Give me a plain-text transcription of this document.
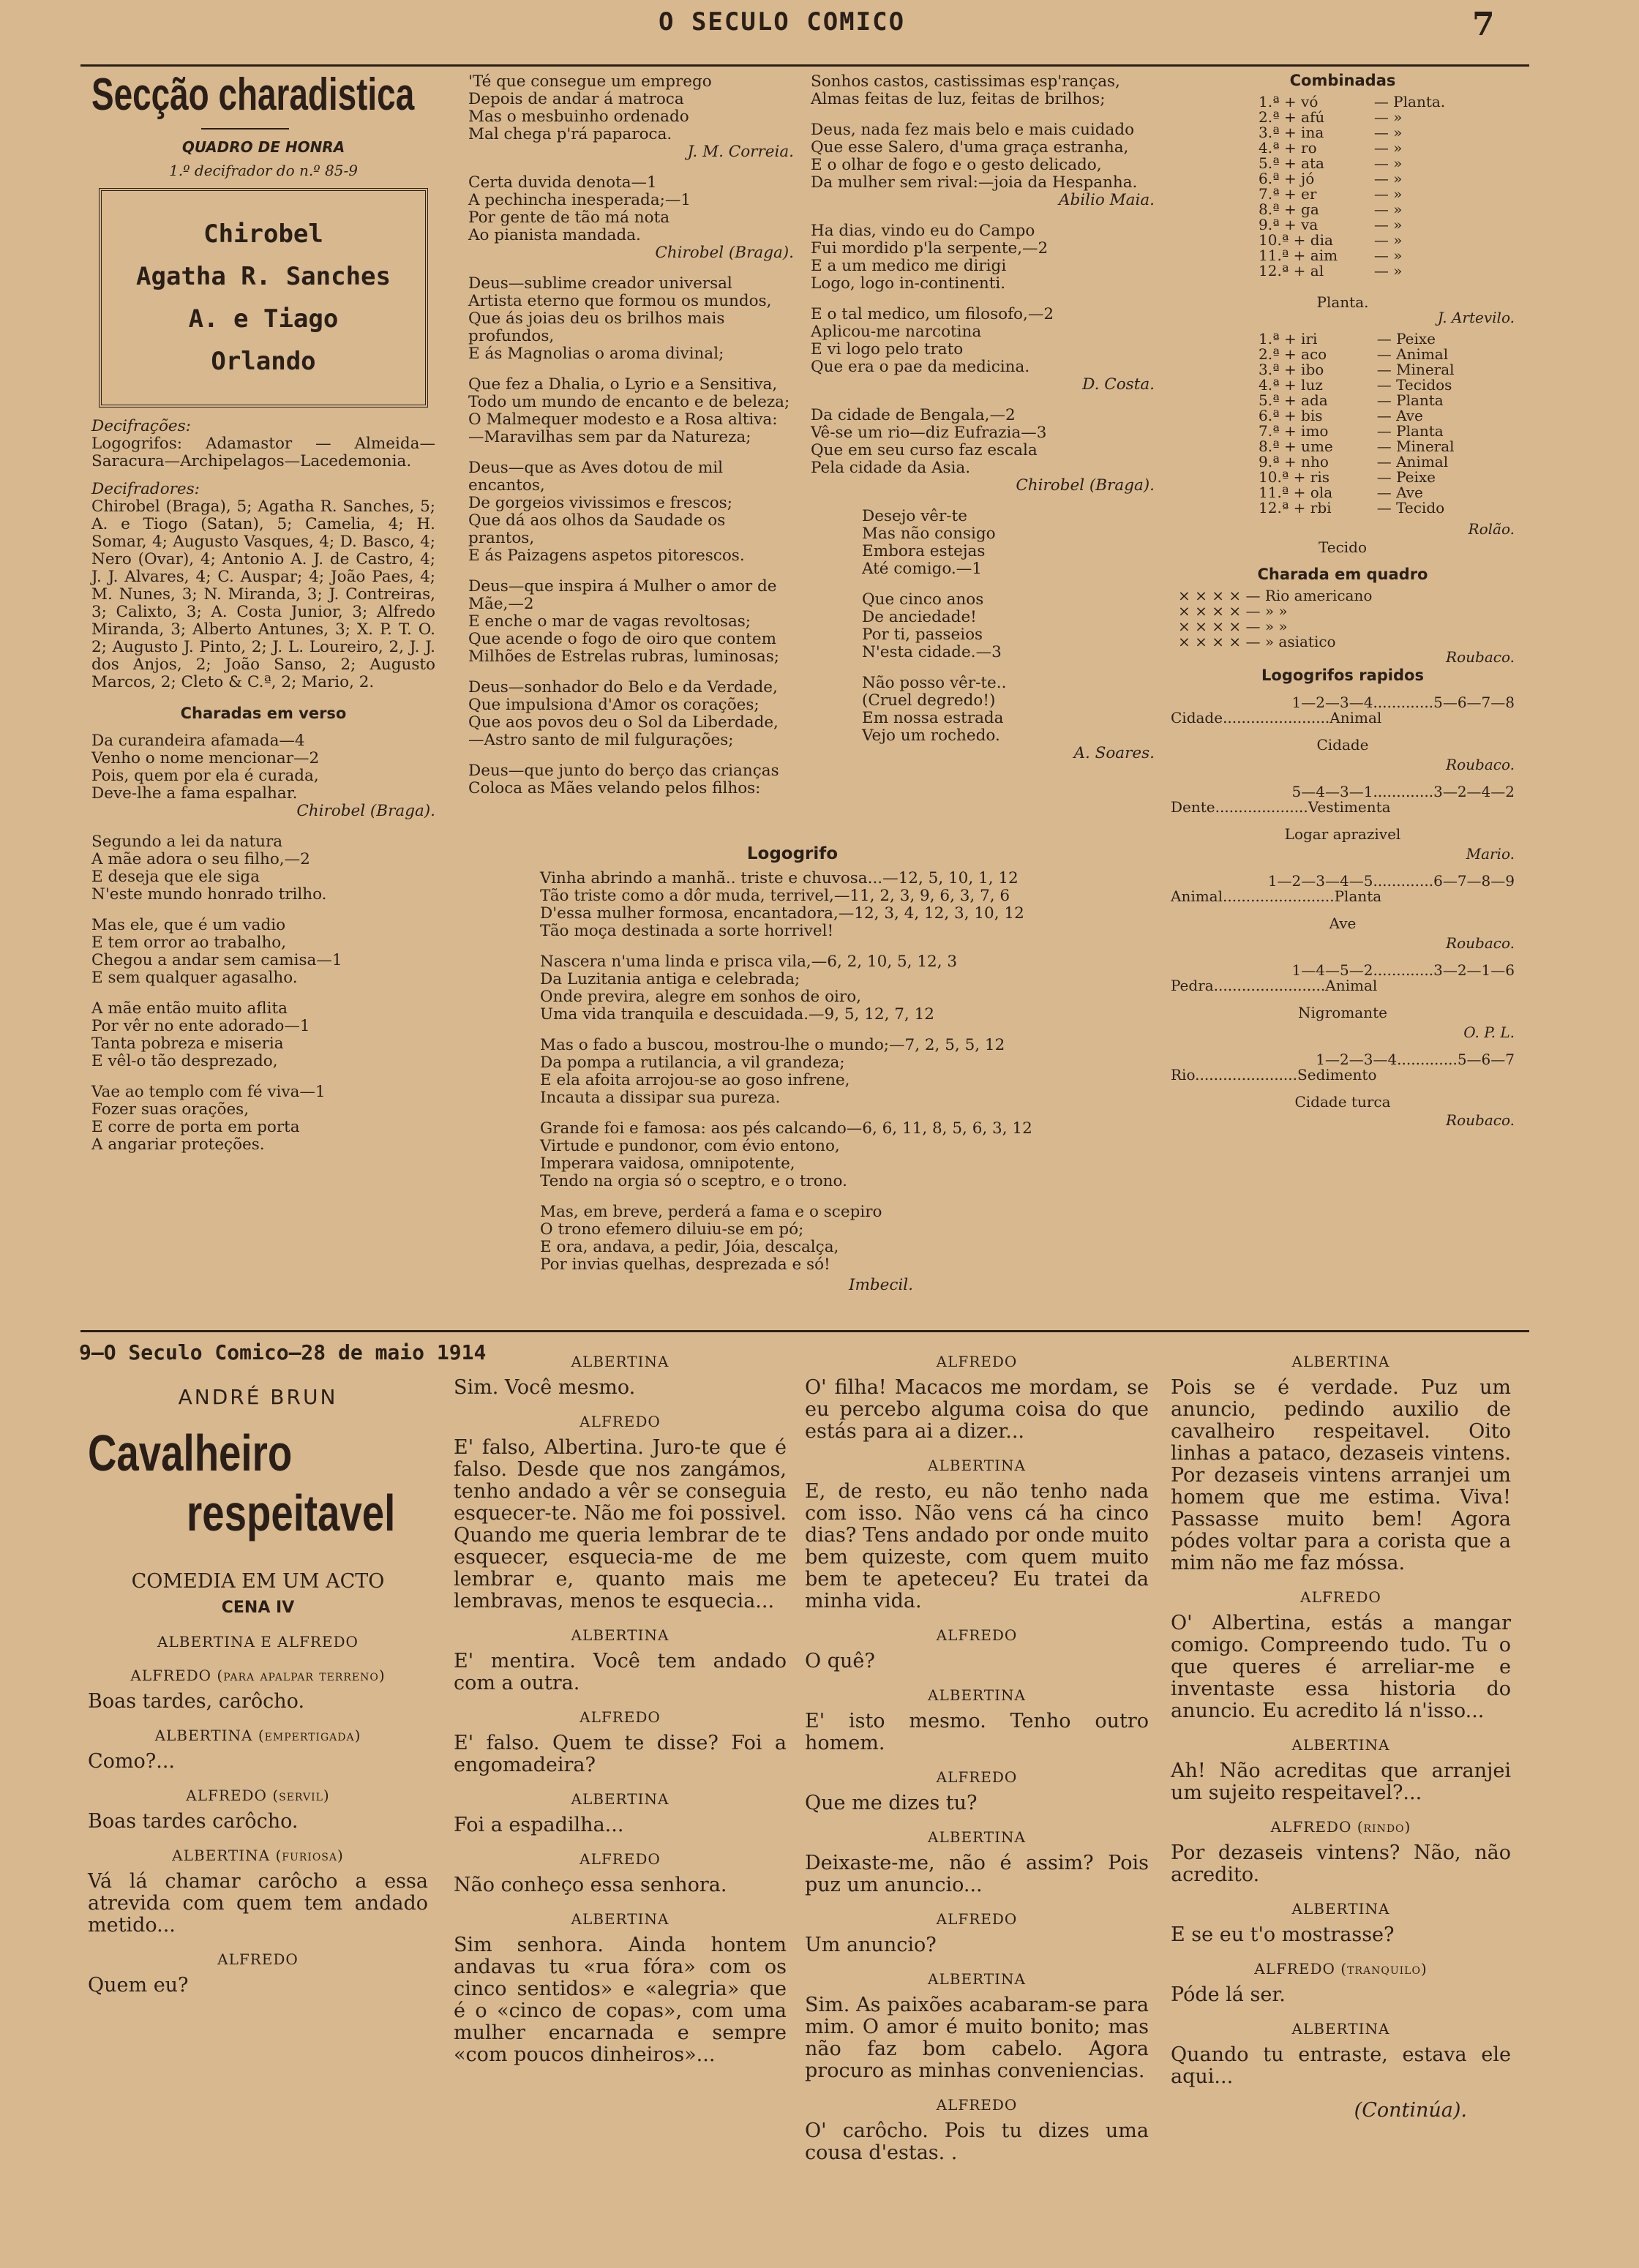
O SECULO COMICO	7
Secção charadistica
QUADRO DE HONRA
1.º decifrador do n.º 85-9
Chirobel
Agatha R. Sanches
A. e Tiago
Orlando
Decifrações:
Logogrifos: Adamastor — Almeida—Saracura—Archipelagos—Lacedemonia.
Decifradores:
Chirobel (Braga), 5; Agatha R. Sanches, 5; A. e Tiogo (Satan), 5; Camelia, 4; H. Somar, 4; Augusto Vasques, 4; D. Basco, 4; Nero (Ovar), 4; Antonio A. J. de Castro, 4; J. J. Alvares, 4; C. Auspar; 4; João Paes, 4; M. Nunes, 3; N. Miranda, 3; J. Contreiras, 3; Calixto, 3; A. Costa Junior, 3; Alfredo Miranda, 3; Alberto Antunes, 3; X. P. T. O. 2; Augusto J. Pinto, 2; J. L. Loureiro, 2, J. J. dos Anjos, 2; João Sanso, 2; Augusto Marcos, 2; Cleto & C.ª, 2; Mario, 2.
Charadas em verso

Da curandeira afamada—4
Venho o nome mencionar—2
Pois, quem por ela é curada,
Deve-lhe a fama espalhar.

Chirobel (Braga).

Segundo a lei da natura
A mãe adora o seu filho,—2
E deseja que ele siga
N'este mundo honrado trilho.

Mas ele, que é um vadio
E tem orror ao trabalho,
Chegou a andar sem camisa—1
E sem qualquer agasalho.

A mãe então muito aflita
Por vêr no ente adorado—1
Tanta pobreza e miseria
E vêl-o tão desprezado,

Vae ao templo com fé viva—1
Fozer suas orações,
E corre de porta em porta
A angariar proteções.

'Té que consegue um emprego
Depois de andar á matroca
Mas o mesbuinho ordenado
Mal chega p'rá paparoca.

J. M. Correia.

Certa duvida denota—1
A pechincha inesperada;—1
Por gente de tão má nota
Ao pianista mandada.

Chirobel (Braga).

Deus—sublime creador universal
Artista eterno que formou os mundos,
Que ás joias deu os brilhos mais profundos,
E ás Magnolias o aroma divinal;

Que fez a Dhalia, o Lyrio e a Sensitiva,
Todo um mundo de encanto e de beleza;
O Malmequer modesto e a Rosa altiva:
—Maravilhas sem par da Natureza;

Deus—que as Aves dotou de mil encantos,
De gorgeios vivissimos e frescos;
Que dá aos olhos da Saudade os prantos,
E ás Paizagens aspetos pitorescos.

Deus—que inspira á Mulher o amor de Mãe,—2
E enche o mar de vagas revoltosas;
Que acende o fogo de oiro que contem
Milhões de Estrelas rubras, luminosas;

Deus—sonhador do Belo e da Verdade,
Que impulsiona d'Amor os corações;
Que aos povos deu o Sol da Liberdade,
—Astro santo de mil fulgurações;

Deus—que junto do berço das crianças
Coloca as Mães velando pelos filhos:

Sonhos castos, castissimas esp'ranças,
Almas feitas de luz, feitas de brilhos;

Deus, nada fez mais belo e mais cuidado
Que esse Salero, d'uma graça estranha,
E o olhar de fogo e o gesto delicado,
Da mulher sem rival:—joia da Hespanha.

Abilio Maia.

Ha dias, vindo eu do Campo
Fui mordido p'la serpente,—2
E a um medico me dirigi
Logo, logo in-continenti.

E o tal medico, um filosofo,—2
Aplicou-me narcotina
E vi logo pelo trato
Que era o pae da medicina.

D. Costa.

Da cidade de Bengala,—2
Vê-se um rio—diz Eufrazia—3
Que em seu curso faz escala
Pela cidade da Asia.

Chirobel (Braga).

Desejo vêr-te
Mas não consigo
Embora estejas
Até comigo.—1

Que cinco anos
De anciedade!
Por ti, passeios
N'esta cidade.—3

Não posso vêr-te..
(Cruel degredo!)
Em nossa estrada
Vejo um rochedo.

A. Soares.

Logogrifo

Vinha abrindo a manhã.. triste e chuvosa...—12, 5, 10, 1, 12
Tão triste como a dôr muda, terrivel,—11, 2, 3, 9, 6, 3, 7, 6
D'essa mulher formosa, encantadora,—12, 3, 4, 12, 3, 10, 12
Tão moça destinada a sorte horrivel!

Nascera n'uma linda e prisca vila,—6, 2, 10, 5, 12, 3
Da Luzitania antiga e celebrada;
Onde previra, alegre em sonhos de oiro,
Uma vida tranquila e descuidada.—9, 5, 12, 7, 12

Mas o fado a buscou, mostrou-lhe o mundo;—7, 2, 5, 5, 12
Da pompa a rutilancia, a vil grandeza;
E ela afoita arrojou-se ao goso infrene,
Incauta a dissipar sua pureza.

Grande foi e famosa: aos pés calcando—6, 6, 11, 8, 5, 6, 3, 12
Virtude e pundonor, com évio entono,
Imperara vaidosa, omnipotente,
Tendo na orgia só o sceptro, e o trono.

Mas, em breve, perderá a fama e o scepiro
O trono efemero diluiu-se em pó;
E ora, andava, a pedir, Jóia, descalça,
Por invias quelhas, desprezada e só!

Imbecil.

Combinadas
1.ª + vó	— Planta.
2.ª + afú	— »
3.ª + ina	— »
4.ª + ro	— »
5.ª + ata	— »
6.ª + jó	— »
7.ª + er	— »
8.ª + ga	— »
9.ª + va	— »
10.ª + dia	— »
11.ª + aim	— »
12.ª + al	— »
Planta.
J. Artevilo.
1.ª + iri	— Peixe
2.ª + aco	— Animal
3.ª + ibo	— Mineral
4.ª + luz	— Tecidos
5.ª + ada	— Planta
6.ª + bis	— Ave
7.ª + imo	— Planta
8.ª + ume	— Mineral
9.ª + nho	— Animal
10.ª + ris	— Peixe
11.ª + ola	— Ave
12.ª + rbi	— Tecido
Rolão.
Tecido
Charada em quadro
× × × × — Rio americano
× × × × — » »
× × × × — » »
× × × × — » asiatico
Roubaco.
Logogrifos rapidos
1—2—3—4.............5—6—7—8
Cidade.......................Animal
Cidade
Roubaco.
5—4—3—1.............3—2—4—2
Dente....................Vestimenta
Logar aprazivel
Mario.
1—2—3—4—5.............6—7—8—9
Animal........................Planta
Ave
Roubaco.
1—4—5—2.............3—2—1—6
Pedra........................Animal
Nigromante
O. P. L.
1—2—3—4.............5—6—7
Rio......................Sedimento
Cidade turca
Roubaco.
9—O Seculo Comico—28 de maio 1914
ANDRÉ BRUN
Cavalheiro
respeitavel
COMEDIA EM UM ACTO
CENA IV

ALBERTINA E ALFREDO

ALFREDO (para apalpar terreno)

Boas tardes, carôcho.

ALBERTINA (empertigada)

Como?...

ALFREDO (servil)

Boas tardes carôcho.

ALBERTINA (furiosa)

Vá lá chamar carôcho a essa atrevida com quem tem andado metido...

ALFREDO

Quem eu?

ALBERTINA

Sim. Você mesmo.

ALFREDO

E' falso, Albertina. Juro-te que é falso. Desde que nos zangámos, tenho andado a vêr se conseguia esquecer-te. Não me foi possivel. Quando me queria lembrar de te esquecer, esquecia-me de me lembrar e, quanto mais me lembravas, menos te esquecia...

ALBERTINA

E' mentira. Você tem andado com a outra.

ALFREDO

E' falso. Quem te disse? Foi a engomadeira?

ALBERTINA

Foi a espadilha...

ALFREDO

Não conheço essa senhora.

ALBERTINA

Sim senhora. Ainda hontem andavas tu «rua fóra» com os cinco sentidos» e «alegria» que é o «cinco de copas», com uma mulher encarnada e sempre «com poucos dinheiros»...

ALFREDO

O' filha! Macacos me mordam, se eu percebo alguma coisa do que estás para ai a dizer...

ALBERTINA

E, de resto, eu não tenho nada com isso. Não vens cá ha cinco dias? Tens andado por onde muito bem quizeste, com quem muito bem te apeteceu? Eu tratei da minha vida.

ALFREDO

O quê?

ALBERTINA

E' isto mesmo. Tenho outro homem.

ALFREDO

Que me dizes tu?

ALBERTINA

Deixaste-me, não é assim? Pois puz um anuncio...

ALFREDO

Um anuncio?

ALBERTINA

Sim. As paixões acabaram-se para mim. O amor é muito bonito; mas não faz bom cabelo. Agora procuro as minhas conveniencias.

ALFREDO

O' carôcho. Pois tu dizes uma cousa d'estas. .

ALBERTINA

Pois se é verdade. Puz um anuncio, pedindo auxilio de cavalheiro respeitavel. Oito linhas a pataco, dezaseis vintens. Por dezaseis vintens arranjei um homem que me estima. Viva! Passasse muito bem! Agora pódes voltar para a corista que a mim não me faz móssa.

ALFREDO

O' Albertina, estás a mangar comigo. Compreendo tudo. Tu o que queres é arreliar-me e inventaste essa historia do anuncio. Eu acredito lá n'isso...

ALBERTINA

Ah! Não acreditas que arranjei um sujeito respeitavel?...

ALFREDO (rindo)

Por dezaseis vintens? Não, não acredito.

ALBERTINA

E se eu t'o mostrasse?

ALFREDO (tranquilo)

Póde lá ser.

ALBERTINA

Quando tu entraste, estava ele aqui...

(Continúa).
